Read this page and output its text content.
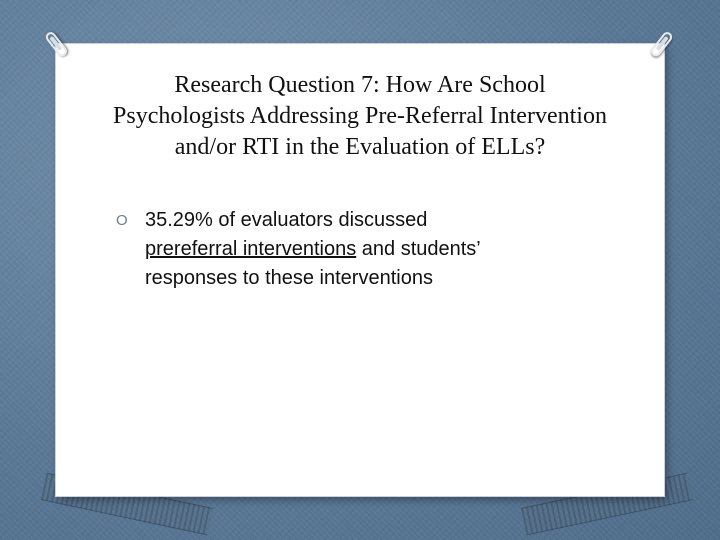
Research Question 7: How Are School
Psychologists Addressing Pre-Referral Intervention
and/or RTI in the Evaluation of ELLs?
O 35.29% of evaluators discussed
prereferral interventions and students’
responses to these interventions
